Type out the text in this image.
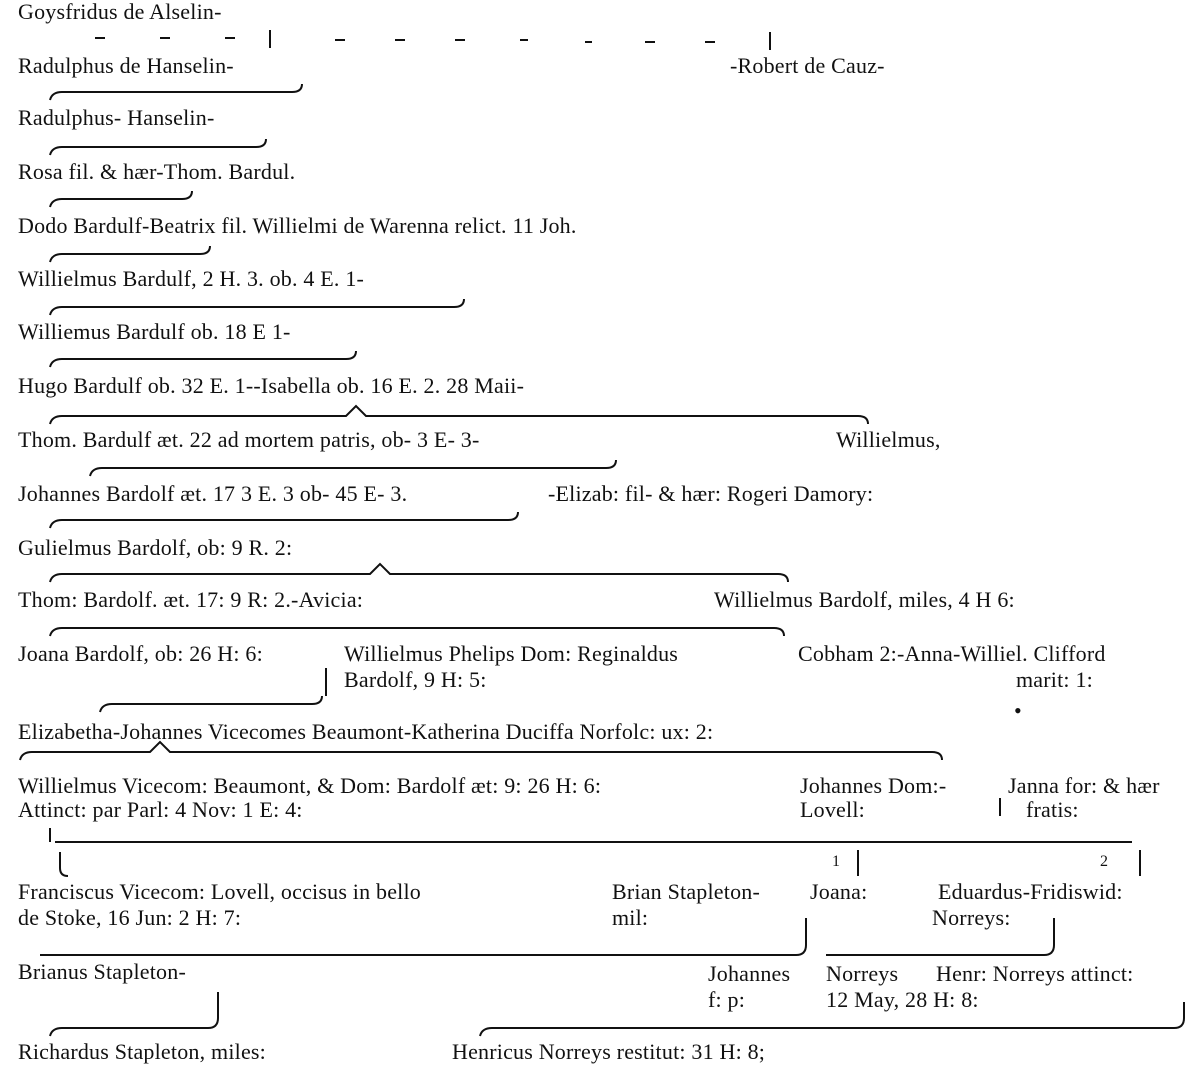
•
Goysfridus de Alselin-
Radulphus de Hanselin-	-Robert de Cauz-
Radulphus- Hanselin-
Rosa fil. & hær-Thom. Bardul.
Dodo Bardulf-Beatrix fil. Willielmi de Warenna relict. 11 Joh.
Willielmus Bardulf, 2 H. 3. ob. 4 E. 1-
Williemus Bardulf ob. 18 E 1-
Hugo Bardulf ob. 32 E. 1--Isabella ob. 16 E. 2. 28 Maii-
Thom. Bardulf æt. 22 ad mortem patris, ob- 3 E- 3-	Willielmus,
Johannes Bardolf æt. 17 3 E. 3 ob- 45 E- 3.	-Elizab: fil- & hær: Rogeri Damory:
Gulielmus Bardolf, ob: 9 R. 2:
Thom: Bardolf. æt. 17: 9 R: 2.-Avicia:	Willielmus Bardolf, miles, 4 H 6:
Joana Bardolf, ob: 26 H: 6:	Willielmus Phelips Dom: Reginaldus
Bardolf, 9 H: 5:
Cobham 2:-Anna-Williel. Clifford
marit: 1:
Elizabetha-Johannes Vicecomes Beaumont-Katherina Duciffa Norfolc: ux: 2:
Willielmus Vicecom: Beaumont, & Dom: Bardolf æt: 9: 26 H: 6:
Attinct: par Parl: 4 Nov: 1 E: 4:
Johannes Dom:-
Lovell:
Janna for: & hær
fratis:
1	2
Franciscus Vicecom: Lovell, occisus in bello
de Stoke, 16 Jun: 2 H: 7:
Brian Stapleton-
mil:
Joana:	Eduardus-Fridiswid:
Norreys:
Brianus Stapleton-	Johannes
f: p:
Norreys
12 May, 28 H: 8:
Henr: Norreys attinct:
Richardus Stapleton, miles:	Henricus Norreys restitut: 31 H: 8;
